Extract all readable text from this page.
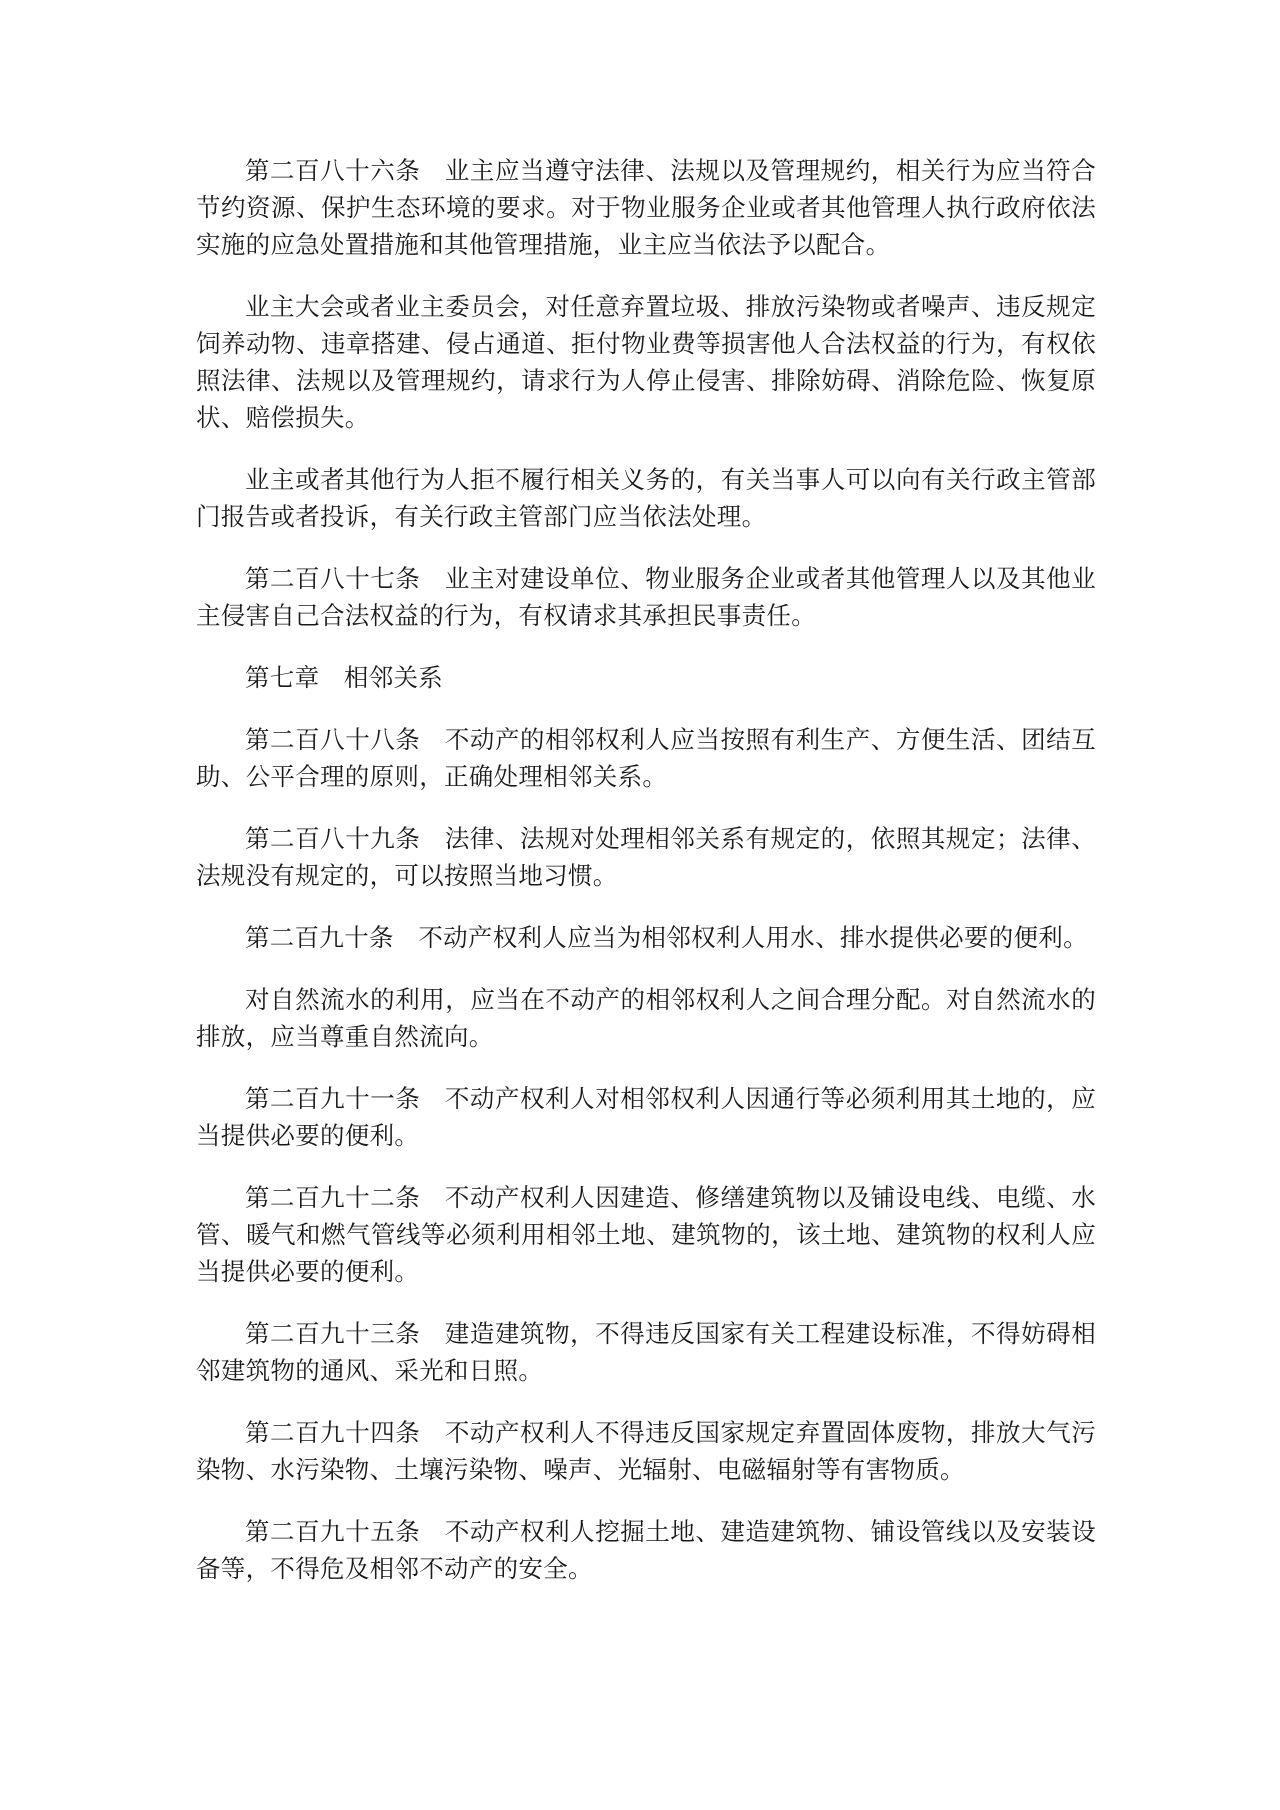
第二百八十六条 业主应当遵守法律、法规以及管理规约，相关行为应当符合节约资源、保护生态环境的要求。对于物业服务企业或者其他管理人执行政府依法实施的应急处置措施和其他管理措施，业主应当依法予以配合。

业主大会或者业主委员会，对任意弃置垃圾、排放污染物或者噪声、违反规定饲养动物、违章搭建、侵占通道、拒付物业费等损害他人合法权益的行为，有权依照法律、法规以及管理规约，请求行为人停止侵害、排除妨碍、消除危险、恢复原状、赔偿损失。

业主或者其他行为人拒不履行相关义务的，有关当事人可以向有关行政主管部门报告或者投诉，有关行政主管部门应当依法处理。

第二百八十七条 业主对建设单位、物业服务企业或者其他管理人以及其他业主侵害自己合法权益的行为，有权请求其承担民事责任。

第七章 相邻关系

第二百八十八条 不动产的相邻权利人应当按照有利生产、方便生活、团结互助、公平合理的原则，正确处理相邻关系。

第二百八十九条 法律、法规对处理相邻关系有规定的，依照其规定；法律、法规没有规定的，可以按照当地习惯。

第二百九十条 不动产权利人应当为相邻权利人用水、排水提供必要的便利。

对自然流水的利用，应当在不动产的相邻权利人之间合理分配。对自然流水的排放，应当尊重自然流向。

第二百九十一条 不动产权利人对相邻权利人因通行等必须利用其土地的，应当提供必要的便利。

第二百九十二条 不动产权利人因建造、修缮建筑物以及铺设电线、电缆、水管、暖气和燃气管线等必须利用相邻土地、建筑物的，该土地、建筑物的权利人应当提供必要的便利。

第二百九十三条 建造建筑物，不得违反国家有关工程建设标准，不得妨碍相邻建筑物的通风、采光和日照。

第二百九十四条 不动产权利人不得违反国家规定弃置固体废物，排放大气污染物、水污染物、土壤污染物、噪声、光辐射、电磁辐射等有害物质。

第二百九十五条 不动产权利人挖掘土地、建造建筑物、铺设管线以及安装设备等，不得危及相邻不动产的安全。
